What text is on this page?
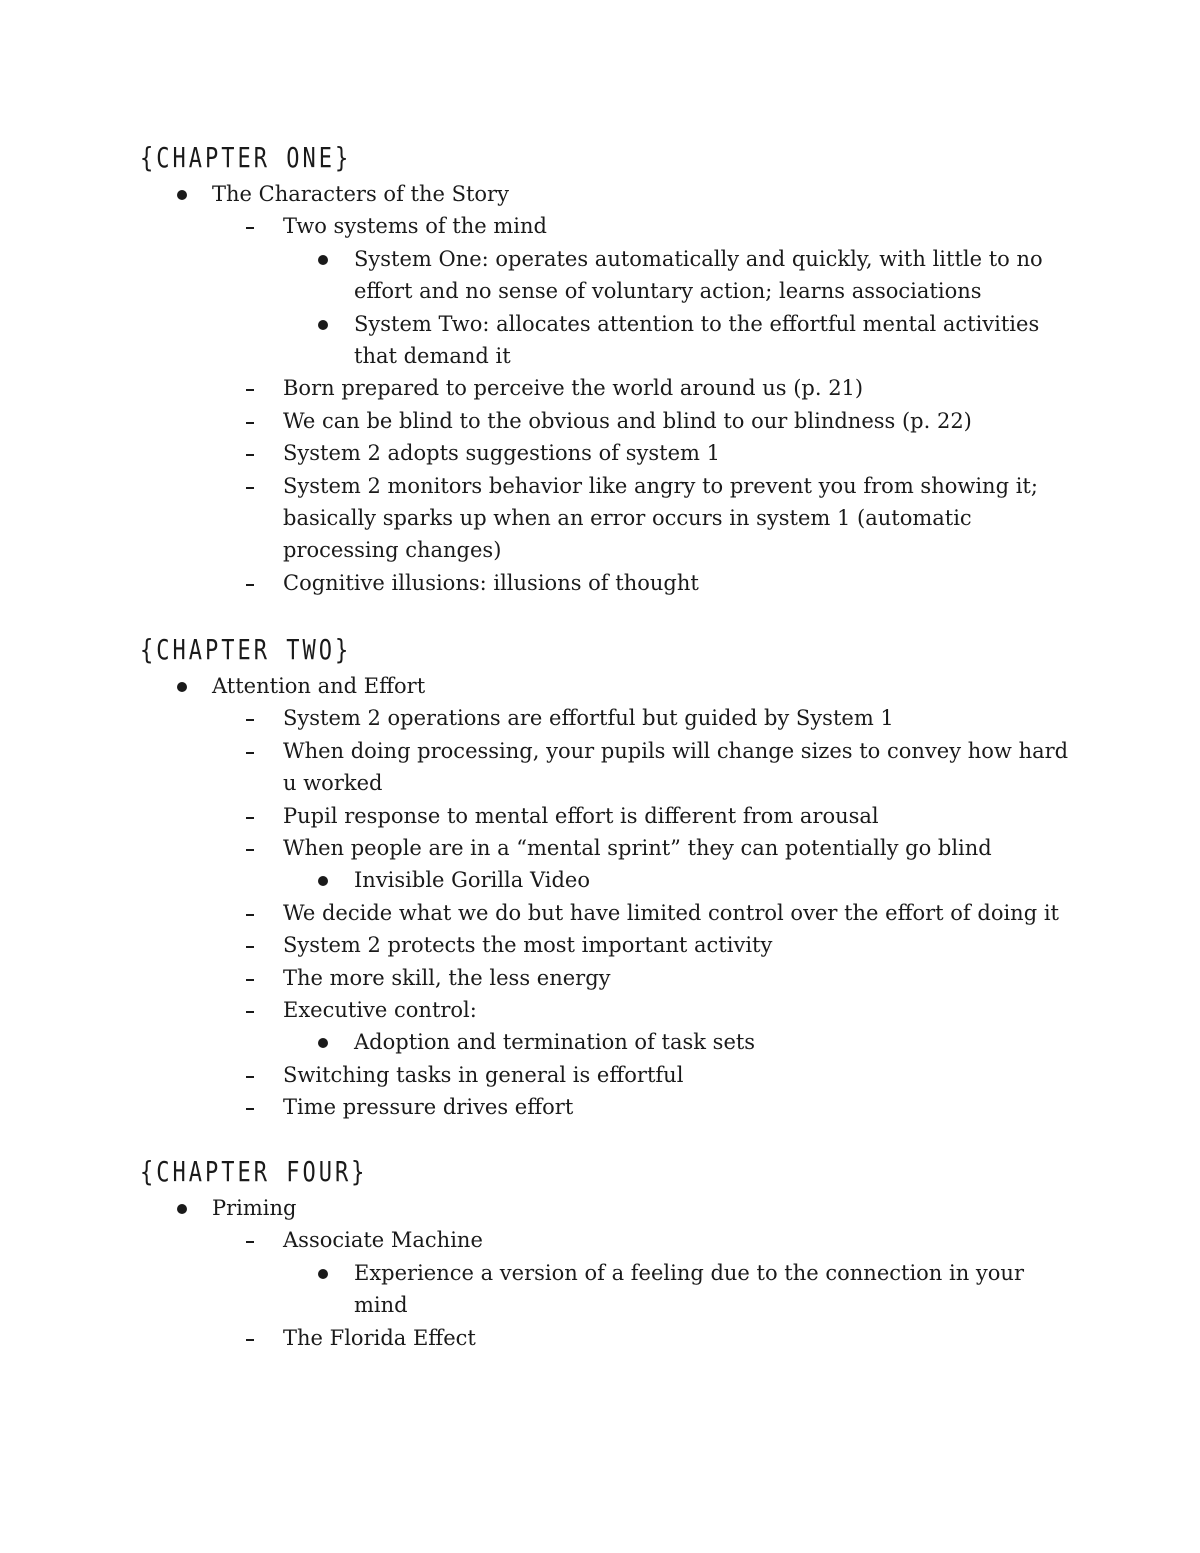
{CHAPTER ONE}
The Characters of the Story
Two systems of the mind
System One: operates automatically and quickly, with little to no
effort and no sense of voluntary action; learns associations
System Two: allocates attention to the effortful mental activities
that demand it
Born prepared to perceive the world around us (p. 21)
We can be blind to the obvious and blind to our blindness (p. 22)
System 2 adopts suggestions of system 1
System 2 monitors behavior like angry to prevent you from showing it;
basically sparks up when an error occurs in system 1 (automatic
processing changes)
Cognitive illusions: illusions of thought
{CHAPTER TWO}
Attention and Effort
System 2 operations are effortful but guided by System 1
When doing processing, your pupils will change sizes to convey how hard
u worked
Pupil response to mental effort is different from arousal
When people are in a “mental sprint” they can potentially go blind
Invisible Gorilla Video
We decide what we do but have limited control over the effort of doing it
System 2 protects the most important activity
The more skill, the less energy
Executive control:
Adoption and termination of task sets
Switching tasks in general is effortful
Time pressure drives effort
{CHAPTER FOUR}
Priming
Associate Machine
Experience a version of a feeling due to the connection in your
mind
The Florida Effect
